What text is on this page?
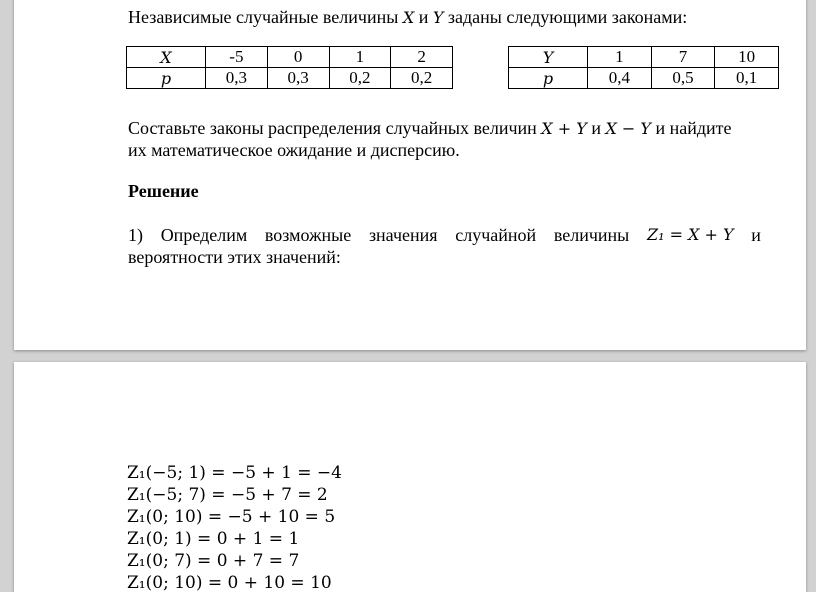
Независимые случайные величины X и Y заданы следующими законами:
X	-5	0	1	2
p	0,3	0,3	0,2	0,2
Y	1	7	10
p	0,4	0,5	0,1
Составьте законы распределения случайных величин X + Y и X − Y и найдите
их математическое ожидание и дисперсию.
Решение
1) Определим возможные значения случайной величины Z₁ = X + Y и
вероятности этих значений:
Z₁(−5; 1) = −5 + 1 = −4
Z₁(−5; 7) = −5 + 7 = 2
Z₁(0; 10) = −5 + 10 = 5
Z₁(0; 1) = 0 + 1 = 1
Z₁(0; 7) = 0 + 7 = 7
Z₁(0; 10) = 0 + 10 = 10
